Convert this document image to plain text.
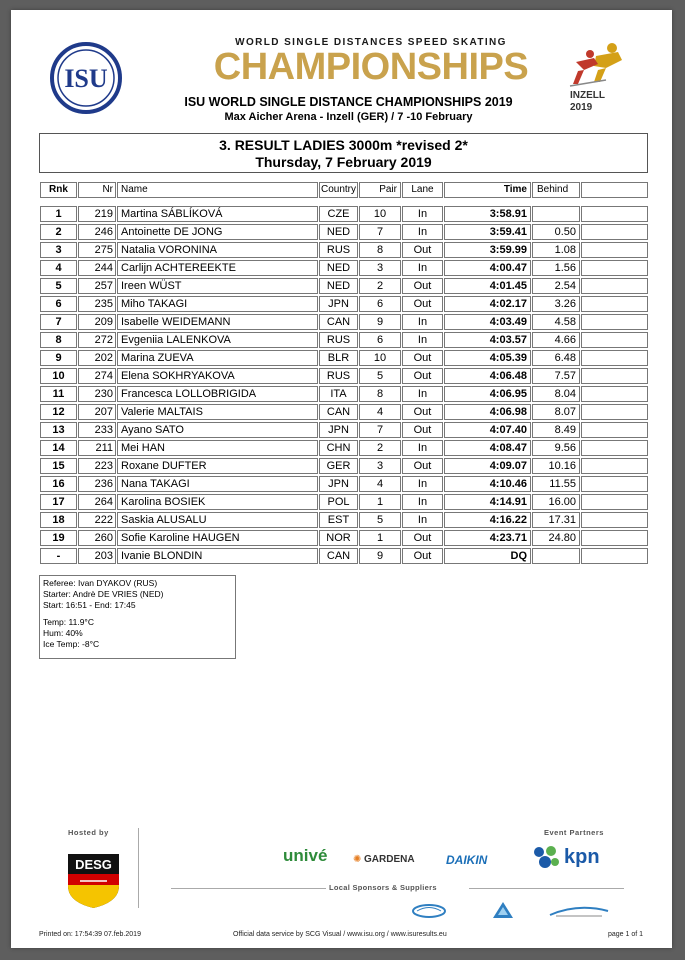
ISU
WORLD SINGLE DISTANCES SPEED SKATING
CHAMPIONSHIPS
ISU WORLD SINGLE DISTANCE CHAMPIONSHIPS 2019
Max Aicher Arena - Inzell (GER) / 7 -10 February
INZELL
2019
3. RESULT LADIES 3000m *revised 2*
Thursday, 7 February 2019
Rnk	Nr Name	Country	Pair	Lane	Time	Behind
1	219 Martina SÁBLÍKOVÁ	CZE	10	In	3:58.91
2	246 Antoinette DE JONG	NED	7	In	3:59.41	0.50
3	275 Natalia VORONINA	RUS	8	Out	3:59.99	1.08
4	244 Carlijn ACHTEREEKTE	NED	3	In	4:00.47	1.56
5	257 Ireen WÜST	NED	2	Out	4:01.45	2.54
6	235 Miho TAKAGI	JPN	6	Out	4:02.17	3.26
7	209 Isabelle WEIDEMANN	CAN	9	In	4:03.49	4.58
8	272 Evgeniia LALENKOVA	RUS	6	In	4:03.57	4.66
9	202 Marina ZUEVA	BLR	10	Out	4:05.39	6.48
10	274 Elena SOKHRYAKOVA	RUS	5	Out	4:06.48	7.57
11	230 Francesca LOLLOBRIGIDA	ITA	8	In	4:06.95	8.04
12	207 Valerie MALTAIS	CAN	4	Out	4:06.98	8.07
13	233 Ayano SATO	JPN	7	Out	4:07.40	8.49
14	211 Mei HAN	CHN	2	In	4:08.47	9.56
15	223 Roxane DUFTER	GER	3	Out	4:09.07	10.16
16	236 Nana TAKAGI	JPN	4	In	4:10.46	11.55
17	264 Karolina BOSIEK	POL	1	In	4:14.91	16.00
18	222 Saskia ALUSALU	EST	5	In	4:16.22	17.31
19	260 Sofie Karoline HAUGEN	NOR	1	Out	4:23.71	24.80
-	203 Ivanie BLONDIN	CAN	9	Out	DQ
Referee: Ivan DYAKOV (RUS)
Starter: Andrè DE VRIES (NED)
Start: 16:51 - End: 17:45
Temp: 11.9°C
Hum: 40%
Ice Temp: -8°C
Hosted by
DESG
Event Partners
univé	✺ GARDENA	DAIKIN	kpn
Local Sponsors & Suppliers
Printed on: 17:54:39 07.feb.2019	Official data service by SCG Visual / www.isu.org / www.isuresults.eu	page 1 of 1
